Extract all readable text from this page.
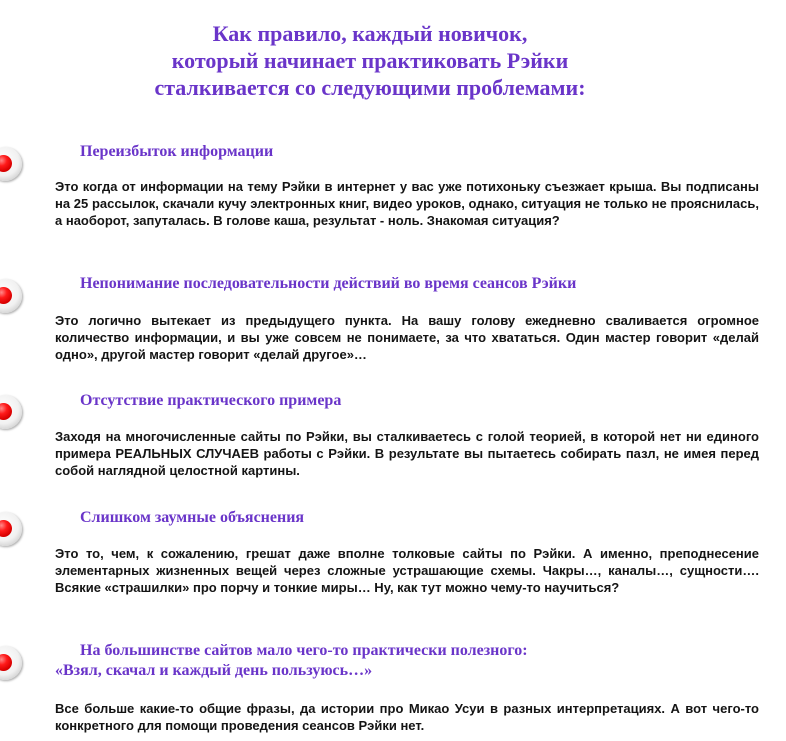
Как правило, каждый новичок,
который начинает практиковать Рэйки
сталкивается со следующими проблемами:
Переизбыток информации

Это когда от информации на тему Рэйки в интернет у вас уже потихоньку съезжает крыша. Вы подписаны на 25 рассылок, скачали кучу электронных книг, видео уроков, однако, ситуация не только не прояснилась, а наоборот, запуталась. В голове каша, результат - ноль. Знакомая ситуация?

Непонимание последовательности действий во время сеансов Рэйки

Это логично вытекает из предыдущего пункта. На вашу голову ежедневно сваливается огромное количество информации, и вы уже совсем не понимаете, за что хвататься. Один мастер говорит «делай одно», другой мастер говорит «делай другое»…

Отсутствие практического примера

Заходя на многочисленные сайты по Рэйки, вы сталкиваетесь с голой теорией, в которой нет ни единого примера РЕАЛЬНЫХ СЛУЧАЕВ работы с Рэйки. В результате вы пытаетесь собирать пазл, не имея перед собой наглядной целостной картины.

Слишком заумные объяснения

Это то, чем, к сожалению, грешат даже вполне толковые сайты по Рэйки. А именно, преподнесение элементарных жизненных вещей через сложные устрашающие схемы. Чакры…, каналы…, сущности…. Всякие «страшилки» про порчу и тонкие миры… Ну, как тут можно чему-то научиться?

На большинстве сайтов мало чего-то практически полезного:
«Взял, скачал и каждый день пользуюсь…»

Все больше какие-то общие фразы, да истории про Микао Усуи в разных интерпретациях. А вот чего-то конкретного для помощи проведения сеансов Рэйки нет.
